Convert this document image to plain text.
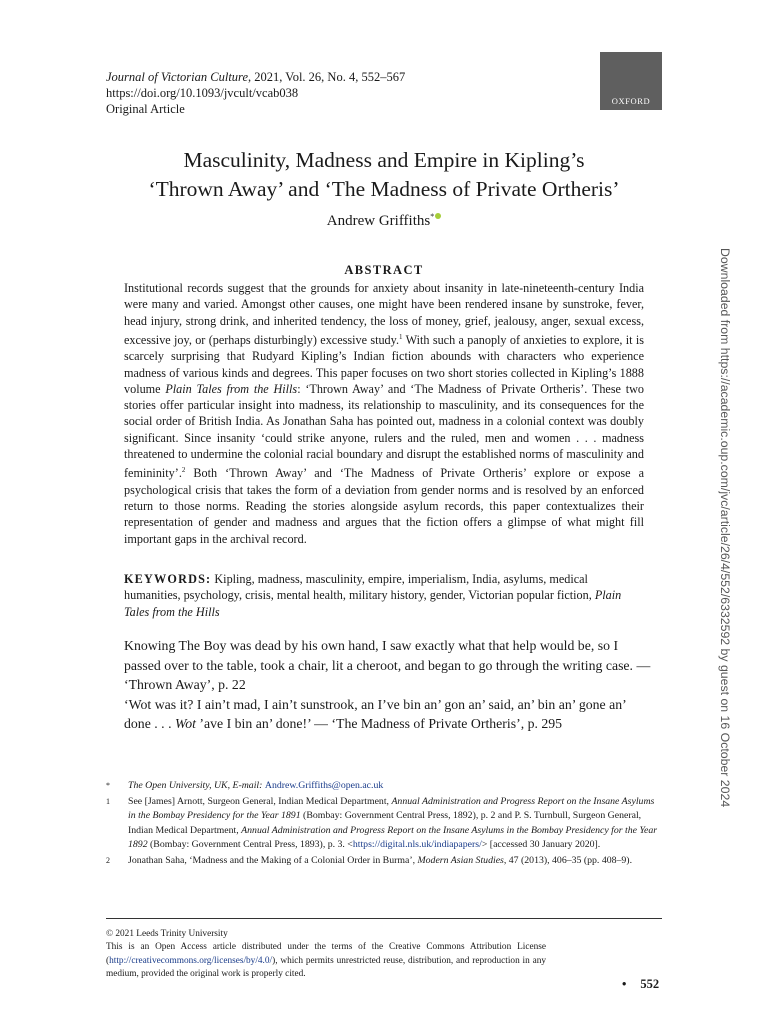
Journal of Victorian Culture, 2021, Vol. 26, No. 4, 552–567
https://doi.org/10.1093/jvcult/vcab038
Original Article
OXFORD
Masculinity, Madness and Empire in Kipling’s
‘Thrown Away’ and ‘The Madness of Private Ortheris’
Andrew Griffiths*
ABSTRACT

Institutional records suggest that the grounds for anxiety about insanity in late-nineteenth-century India were many and varied. Amongst other causes, one might have been rendered insane by sunstroke, fever, head injury, strong drink, and inherited tendency, the loss of money, grief, jealousy, anger, sexual excess, excessive joy, or (perhaps disturbingly) excessive study.$^1$ With such a panoply of anxieties to explore, it is scarcely surprising that Rudyard Kipling’s Indian fiction abounds with characters who experience madness of various kinds and degrees. This paper focuses on two short stories collected in Kipling’s 1888 volume Plain Tales from the Hills: ‘Thrown Away’ and ‘The Madness of Private Ortheris’. These two stories offer particular insight into madness, its relationship to masculinity, and its consequences for the social order of British India. As Jonathan Saha has pointed out, madness in a colonial context was doubly significant. Since insanity ‘could strike anyone, rulers and the ruled, men and women . . . madness threatened to undermine the colonial racial boundary and disrupt the established norms of masculinity and femininity’.$^2$ Both ‘Thrown Away’ and ‘The Madness of Private Ortheris’ explore or expose a psychological crisis that takes the form of a deviation from gender norms and is resolved by an enforced return to those norms. Reading the stories alongside asylum records, this paper contextualizes their representation of gender and madness and argues that the fiction offers a glimpse of what might fill important gaps in the archival record.

KEYWORDS: Kipling, madness, masculinity, empire, imperialism, India, asylums, medical humanities, psychology, crisis, mental health, military history, gender, Victorian popular fiction, Plain Tales from the Hills

Knowing The Boy was dead by his own hand, I saw exactly what that help would be, so I passed over to the table, took a chair, lit a cheroot, and began to go through the writing case. — ‘Thrown Away’, p. 22

‘Wot was it? I ain’t mad, I ain’t sunstrook, an I’ve bin an’ gon an’ said, an’ bin an’ gone an’ done . . . Wot ’ave I bin an’ done!’ — ‘The Madness of Private Ortheris’, p. 295

* The Open University, UK, E-mail: Andrew.Griffiths@open.ac.uk

1 See [James] Arnott, Surgeon General, Indian Medical Department, Annual Administration and Progress Report on the Insane Asylums in the Bombay Presidency for the Year 1891 (Bombay: Government Central Press, 1892), p. 2 and P. S. Turnbull, Surgeon General, Indian Medical Department, Annual Administration and Progress Report on the Insane Asylums in the Bombay Presidency for the Year 1892 (Bombay: Government Central Press, 1893), p. 3. <https://digital.nls.uk/indiapapers/> [accessed 30 January 2020].

2 Jonathan Saha, ‘Madness and the Making of a Colonial Order in Burma’, Modern Asian Studies, 47 (2013), 406–35 (pp. 408–9).

© 2021 Leeds Trinity University

This is an Open Access article distributed under the terms of the Creative Commons Attribution License (http://creativecommons.org/licenses/by/4.0/), which permits unrestricted reuse, distribution, and reproduction in any medium, provided the original work is properly cited.

• 552
Downloaded from https://academic.oup.com/jvc/article/26/4/552/6332592 by guest on 16 October 2024
